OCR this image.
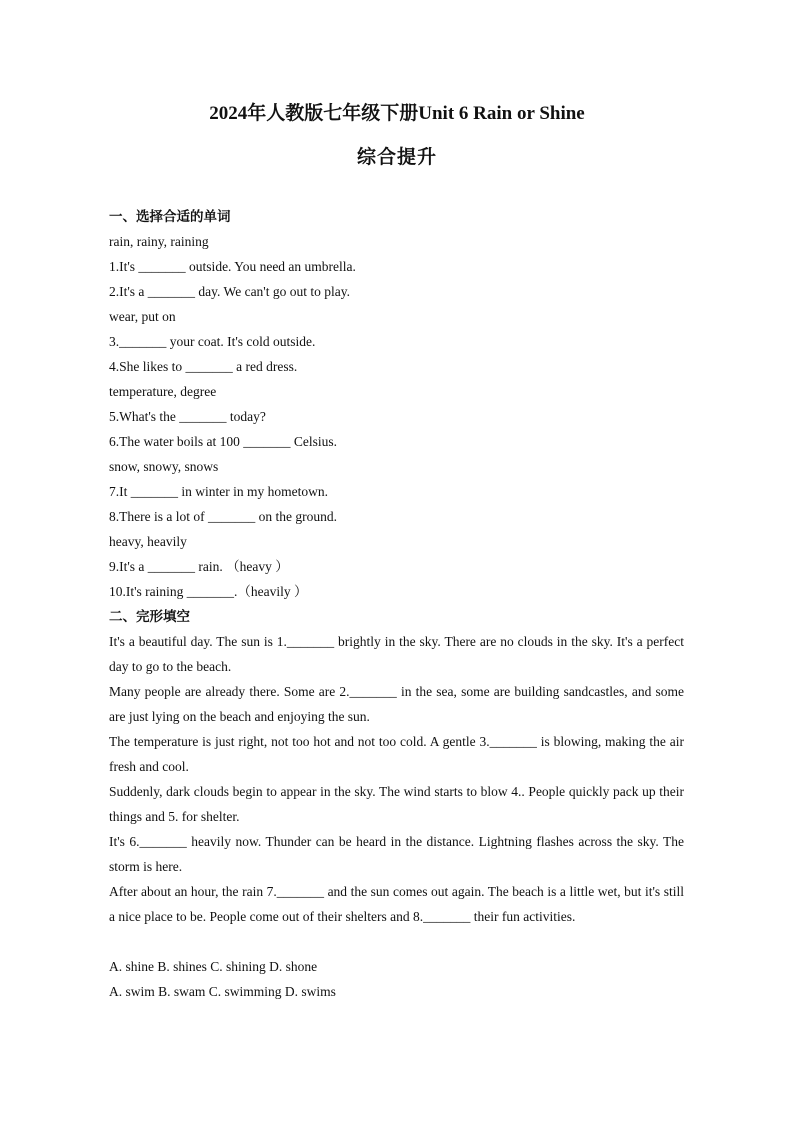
2024年人教版七年级下册Unit 6 Rain or Shine
综合提升
一、选择合适的单词
rain, rainy, raining
1.It's _______ outside. You need an umbrella.
2.It's a _______ day. We can't go out to play.
wear, put on
3._______ your coat. It's cold outside.
4.She likes to _______ a red dress.
temperature, degree
5.What's the _______ today?
6.The water boils at 100 _______ Celsius.
snow, snowy, snows
7.It _______ in winter in my hometown.
8.There is a lot of _______ on the ground.
heavy, heavily
9.It's a _______ rain. （heavy ）
10.It's raining _______.（heavily ）
二、完形填空
It's a beautiful day. The sun is 1._______ brightly in the sky. There are no clouds in the sky. It's a perfect day to go to the beach.
Many people are already there. Some are 2._______ in the sea, some are building sandcastles, and some are just lying on the beach and enjoying the sun.
The temperature is just right, not too hot and not too cold. A gentle 3._______ is blowing, making the air fresh and cool.
Suddenly, dark clouds begin to appear in the sky. The wind starts to blow 4.. People quickly pack up their things and 5. for shelter.
It's 6._______ heavily now. Thunder can be heard in the distance. Lightning flashes across the sky. The storm is here.
After about an hour, the rain 7._______ and the sun comes out again. The beach is a little wet, but it's still a nice place to be. People come out of their shelters and 8._______ their fun activities.
A. shine B. shines C. shining D. shone
A. swim B. swam C. swimming D. swims
